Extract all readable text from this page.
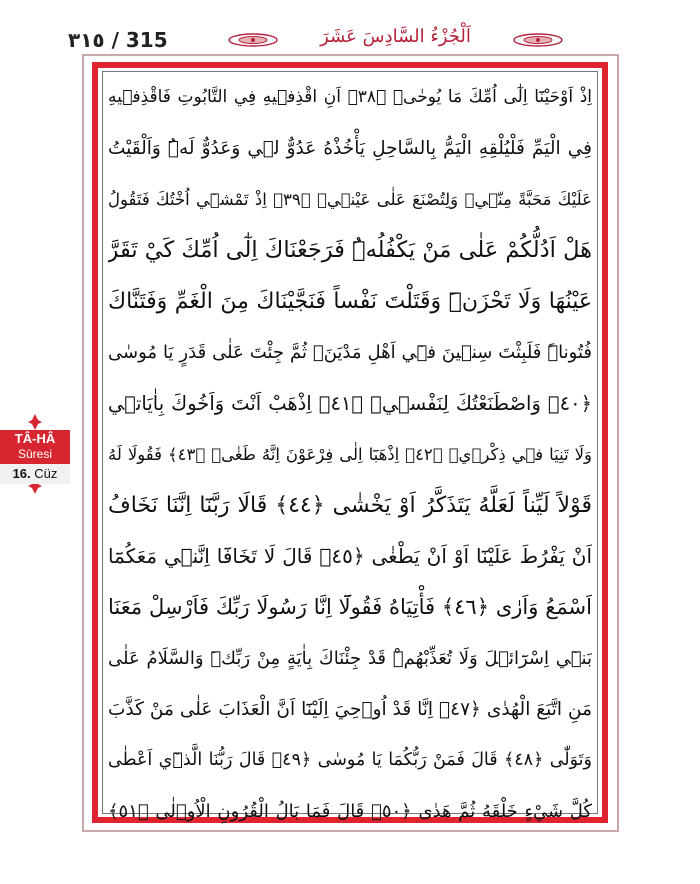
٣١٥ / 315	اَلْجُزْءُ السَّادِسَ عَشَرَ
TÂ-HÂ
Sûresi
16. Cüz
اِذْ اَوْحَيْنَٓا اِلٰٓى اُمِّكَ مَا يُوحٰىۙ ﴿٣٨﴾ اَنِ اقْذِف۪يهِ فِي التَّابُوتِ فَاقْذِف۪يهِ
فِي الْيَمِّ فَلْيُلْقِهِ الْيَمُّ بِالسَّاحِلِ يَأْخُذْهُ عَدُوٌّ ل۪ي وَعَدُوٌّ لَهُۜ وَاَلْقَيْتُ
عَلَيْكَ مَحَبَّةً مِنّ۪يۚ وَلِتُصْنَعَ عَلٰى عَيْن۪يۢ ﴿٣٩﴾ اِذْ تَمْش۪ٓي اُخْتُكَ فَتَقُولُ
هَلْ اَدُلُّكُمْ عَلٰى مَنْ يَكْفُلُهُۜ فَرَجَعْنَاكَ اِلٰٓى اُمِّكَ كَيْ تَقَرَّ
عَيْنُهَا وَلَا تَحْزَنَۜ وَقَتَلْتَ نَفْساً فَنَجَّيْنَاكَ مِنَ الْغَمِّ وَفَتَنَّاكَ
فُتُوناًۜ فَلَبِثْتَ سِن۪ينَ ف۪ٓي اَهْلِ مَدْيَنَۙ ثُمَّ جِئْتَ عَلٰى قَدَرٍ يَا مُوسٰى
﴿٤٠﴾ وَاصْطَنَعْتُكَ لِنَفْس۪يۚ ﴿٤١﴾ اِذْهَبْ اَنْتَ وَاَخُوكَ بِاٰيَات۪ي
وَلَا تَنِيَا ف۪ي ذِكْر۪يۚ ﴿٤٢﴾ اِذْهَبَٓا اِلٰى فِرْعَوْنَ اِنَّهُ طَغٰىۚ ﴿٤٣﴾ فَقُولَا لَهُ
قَوْلاً لَيِّناً لَعَلَّهُ يَتَذَكَّرُ اَوْ يَخْشٰى ﴿٤٤﴾ قَالَا رَبَّنَٓا اِنَّنَا نَخَافُ
اَنْ يَفْرُطَ عَلَيْنَٓا اَوْ اَنْ يَطْغٰى ﴿٤٥﴾ قَالَ لَا تَخَافَٓا اِنَّن۪ي مَعَكُمَٓا
اَسْمَعُ وَاَرٰى ﴿٤٦﴾ فَأْتِيَاهُ فَقُولَٓا اِنَّا رَسُولَا رَبِّكَ فَاَرْسِلْ مَعَنَا
بَن۪ٓي اِسْرَٓائ۪لَ وَلَا تُعَذِّبْهُمْۜ قَدْ جِئْنَاكَ بِاٰيَةٍ مِنْ رَبِّكَۜ وَالسَّلَامُ عَلٰى
مَنِ اتَّبَعَ الْهُدٰى ﴿٤٧﴾ اِنَّا قَدْ اُو۫حِيَ اِلَيْنَٓا اَنَّ الْعَذَابَ عَلٰى مَنْ كَذَّبَ
وَتَوَلّٰى ﴿٤٨﴾ قَالَ فَمَنْ رَبُّكُمَا يَا مُوسٰى ﴿٤٩﴾ قَالَ رَبُّنَا الَّذ۪ٓي اَعْطٰى
كُلَّ شَيْءٍ خَلْقَهُ ثُمَّ هَدٰى ﴿٥٠﴾ قَالَ فَمَا بَالُ الْقُرُونِ الْاُو۫لٰى ﴿٥١﴾
